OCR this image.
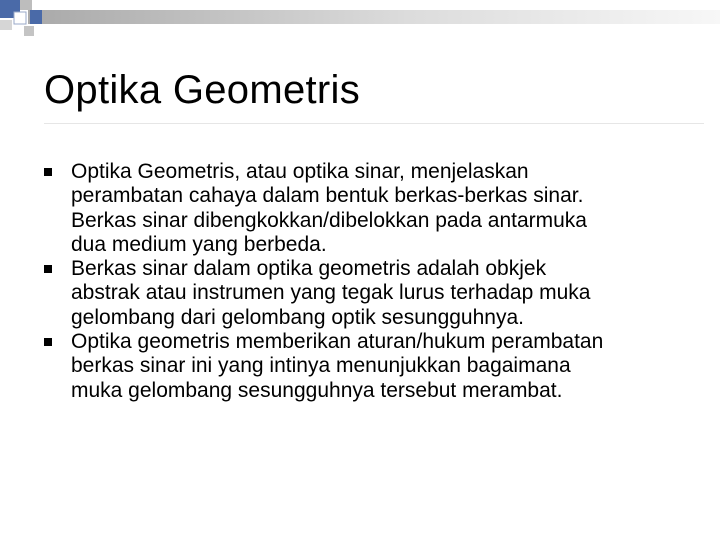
Optika Geometris
Optika Geometris, atau optika sinar, menjelaskan
perambatan cahaya dalam bentuk berkas-berkas sinar.
Berkas sinar dibengkokkan/dibelokkan pada antarmuka
dua medium yang berbeda.
Berkas sinar dalam optika geometris adalah obkjek
abstrak atau instrumen yang tegak lurus terhadap muka
gelombang dari gelombang optik sesungguhnya.
Optika geometris memberikan aturan/hukum perambatan
berkas sinar ini yang intinya menunjukkan bagaimana
muka gelombang sesungguhnya tersebut merambat.
